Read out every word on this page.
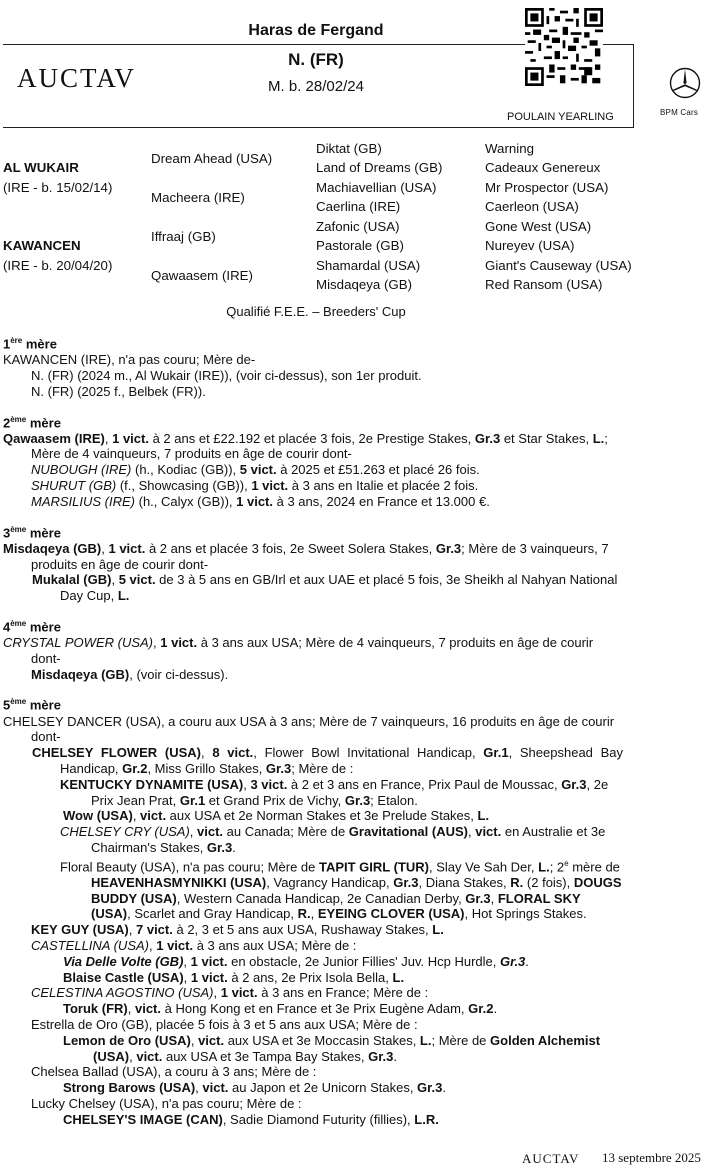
Haras de Fergand
N. (FR)
M. b. 28/02/24
AUCTAV
POULAIN YEARLING	BPM Cars
AL WUKAIR
(IRE - b. 15/02/14)
KAWANCEN
(IRE - b. 20/04/20)
Dream Ahead (USA)
Macheera (IRE)
Iffraaj (GB)
Qawaasem (IRE)
Diktat (GB)
Land of Dreams (GB)
Machiavellian (USA)
Caerlina (IRE)
Zafonic (USA)
Pastorale (GB)
Shamardal (USA)
Misdaqeya (GB)
Warning
Cadeaux Genereux
Mr Prospector (USA)
Caerleon (USA)
Gone West (USA)
Nureyev (USA)
Giant's Causeway (USA)
Red Ransom (USA)
Qualifié F.E.E. – Breeders' Cup
1ère mère
KAWANCEN (IRE), n'a pas couru; Mère de-
N. (FR) (2024 m., Al Wukair (IRE)), (voir ci-dessus), son 1er produit.
N. (FR) (2025 f., Belbek (FR)).
2ème mère
Qawaasem (IRE), 1 vict. à 2 ans et £22.192 et placée 3 fois, 2e Prestige Stakes, Gr.3 et Star Stakes, L.; Mère de 4 vainqueurs, 7 produits en âge de courir dont-
NUBOUGH (IRE) (h., Kodiac (GB)), 5 vict. à 2025 et £51.263 et placé 26 fois.
SHURUT (GB) (f., Showcasing (GB)), 1 vict. à 3 ans en Italie et placée 2 fois.
MARSILIUS (IRE) (h., Calyx (GB)), 1 vict. à 3 ans, 2024 en France et 13.000 €.
3ème mère
Misdaqeya (GB), 1 vict. à 2 ans et placée 3 fois, 2e Sweet Solera Stakes, Gr.3; Mère de 3 vainqueurs, 7 produits en âge de courir dont-
Mukalal (GB), 5 vict. de 3 à 5 ans en GB/Irl et aux UAE et placé 5 fois, 3e Sheikh al Nahyan National Day Cup, L.
4ème mère
CRYSTAL POWER (USA), 1 vict. à 3 ans aux USA; Mère de 4 vainqueurs, 7 produits en âge de courir dont-
Misdaqeya (GB), (voir ci-dessus).
5ème mère
CHELSEY DANCER (USA), a couru aux USA à 3 ans; Mère de 7 vainqueurs, 16 produits en âge de courir dont-
CHELSEY FLOWER (USA), 8 vict., Flower Bowl Invitational Handicap, Gr.1, Sheepshead Bay Handicap, Gr.2, Miss Grillo Stakes, Gr.3; Mère de :
KENTUCKY DYNAMITE (USA), 3 vict. à 2 et 3 ans en France, Prix Paul de Moussac, Gr.3, 2e Prix Jean Prat, Gr.1 et Grand Prix de Vichy, Gr.3; Etalon.
Wow (USA), vict. aux USA et 2e Norman Stakes et 3e Prelude Stakes, L.
CHELSEY CRY (USA), vict. au Canada; Mère de Gravitational (AUS), vict. en Australie et 3e Chairman's Stakes, Gr.3.
Floral Beauty (USA), n'a pas couru; Mère de TAPIT GIRL (TUR), Slay Ve Sah Der, L.; 2e mère de HEAVENHASMYNIKKI (USA), Vagrancy Handicap, Gr.3, Diana Stakes, R. (2 fois), DOUGS BUDDY (USA), Western Canada Handicap, 2e Canadian Derby, Gr.3, FLORAL SKY (USA), Scarlet and Gray Handicap, R., EYEING CLOVER (USA), Hot Springs Stakes.
KEY GUY (USA), 7 vict. à 2, 3 et 5 ans aux USA, Rushaway Stakes, L.
CASTELLINA (USA), 1 vict. à 3 ans aux USA; Mère de :
Via Delle Volte (GB), 1 vict. en obstacle, 2e Junior Fillies' Juv. Hcp Hurdle, Gr.3.
Blaise Castle (USA), 1 vict. à 2 ans, 2e Prix Isola Bella, L.
CELESTINA AGOSTINO (USA), 1 vict. à 3 ans en France; Mère de :
Toruk (FR), vict. à Hong Kong et en France et 3e Prix Eugène Adam, Gr.2.
Estrella de Oro (GB), placée 5 fois à 3 et 5 ans aux USA; Mère de :
Lemon de Oro (USA), vict. aux USA et 3e Moccasin Stakes, L.; Mère de Golden Alchemist (USA), vict. aux USA et 3e Tampa Bay Stakes, Gr.3.
Chelsea Ballad (USA), a couru à 3 ans; Mère de :
Strong Barows (USA), vict. au Japon et 2e Unicorn Stakes, Gr.3.
Lucky Chelsey (USA), n'a pas couru; Mère de :
CHELSEY'S IMAGE (CAN), Sadie Diamond Futurity (fillies), L.R.
AUCTAV 13 septembre 2025
